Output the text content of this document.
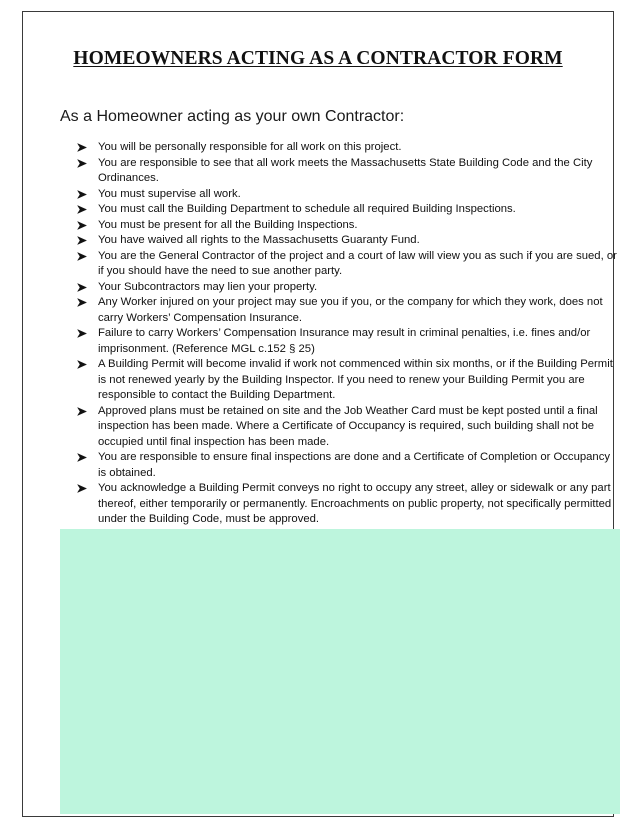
HOMEOWNERS ACTING AS A CONTRACTOR FORM
As a Homeowner acting as your own Contractor:
You will be personally responsible for all work on this project.
You are responsible to see that all work meets the Massachusetts State Building Code and the City Ordinances.
You must supervise all work.
You must call the Building Department to schedule all required Building Inspections.
You must be present for all the Building Inspections.
You have waived all rights to the Massachusetts Guaranty Fund.
You are the General Contractor of the project and a court of law will view you as such if you are sued, or if you should have the need to sue another party.
Your Subcontractors may lien your property.
Any Worker injured on your project may sue you if you, or the company for which they work, does not carry Workers’ Compensation Insurance.
Failure to carry Workers’ Compensation Insurance may result in criminal penalties, i.e. fines and/or imprisonment. (Reference MGL c.152 § 25)
A Building Permit will become invalid if work not commenced within six months, or if the Building Permit is not renewed yearly by the Building Inspector. If you need to renew your Building Permit you are responsible to contact the Building Department.
Approved plans must be retained on site and the Job Weather Card must be kept posted until a final inspection has been made. Where a Certificate of Occupancy is required, such building shall not be occupied until final inspection has been made.
You are responsible to ensure final inspections are done and a Certificate of Completion or Occupancy is obtained.
You acknowledge a Building Permit conveys no right to occupy any street, alley or sidewalk or any part thereof, either temporarily or permanently. Encroachments on public property, not specifically permitted under the Building Code, must be approved.
